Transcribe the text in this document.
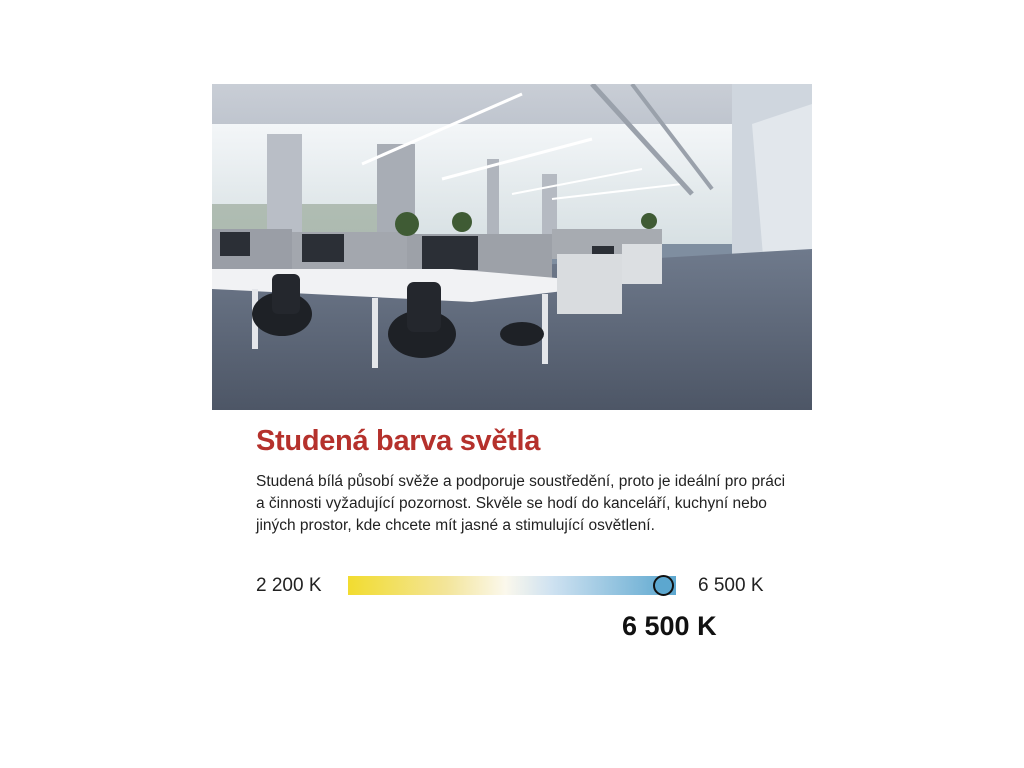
Studená barva světla

Studená bílá působí svěže a podporuje soustředění, proto je ideální pro práci
a činnosti vyžadující pozornost. Skvěle se hodí do kanceláří, kuchyní nebo
jiných prostor, kde chcete mít jasné a stimulující osvětlení.

2 200 K	6 500 K
6 500 K
